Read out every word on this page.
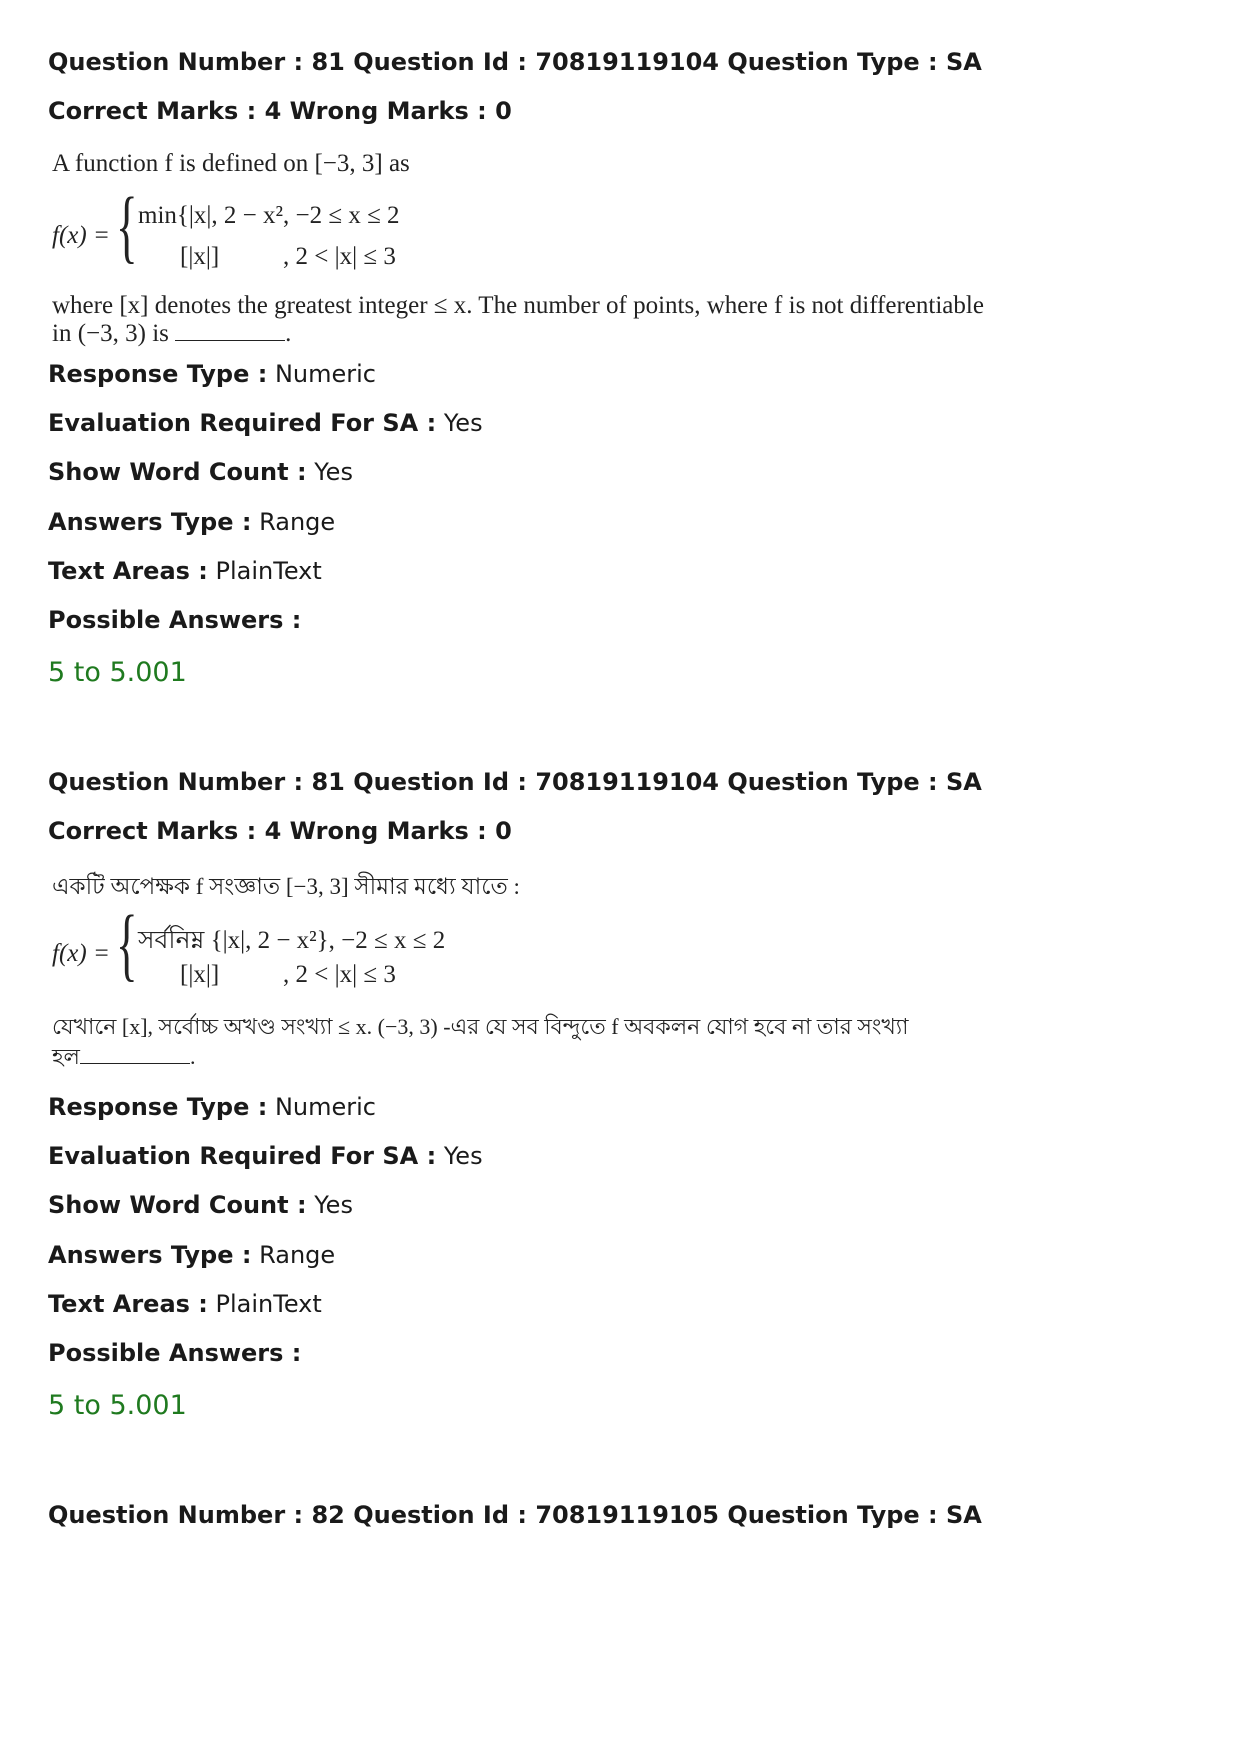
Question Number : 81 Question Id : 70819119104 Question Type : SA
Correct Marks : 4 Wrong Marks : 0
A function f is defined on [−3, 3] as
f(x) = { min{|x|, 2 − x², −2 ≤ x ≤ 2
[|x|]	, 2 < |x| ≤ 3
where [x] denotes the greatest integer ≤ x. The number of points, where f is not differentiable
in (−3, 3) is	.
Response Type : Numeric
Evaluation Required For SA : Yes
Show Word Count : Yes
Answers Type : Range
Text Areas : PlainText
Possible Answers :
5 to 5.001
Question Number : 81 Question Id : 70819119104 Question Type : SA
Correct Marks : 4 Wrong Marks : 0
একটি অপেক্ষক f সংজ্ঞাত [−3, 3] সীমার মধ্যে যাতে :
f(x) = { সর্বনিম্ন {|x|, 2 − x²}, −2 ≤ x ≤ 2
[|x|]	, 2 < |x| ≤ 3
যেখানে [x], সর্বোচ্চ অখণ্ড সংখ্যা ≤ x. (−3, 3) -এর যে সব বিন্দুতে f অবকলন যোগ হবে না তার সংখ্যা
হল	.
Response Type : Numeric
Evaluation Required For SA : Yes
Show Word Count : Yes
Answers Type : Range
Text Areas : PlainText
Possible Answers :
5 to 5.001
Question Number : 82 Question Id : 70819119105 Question Type : SA
